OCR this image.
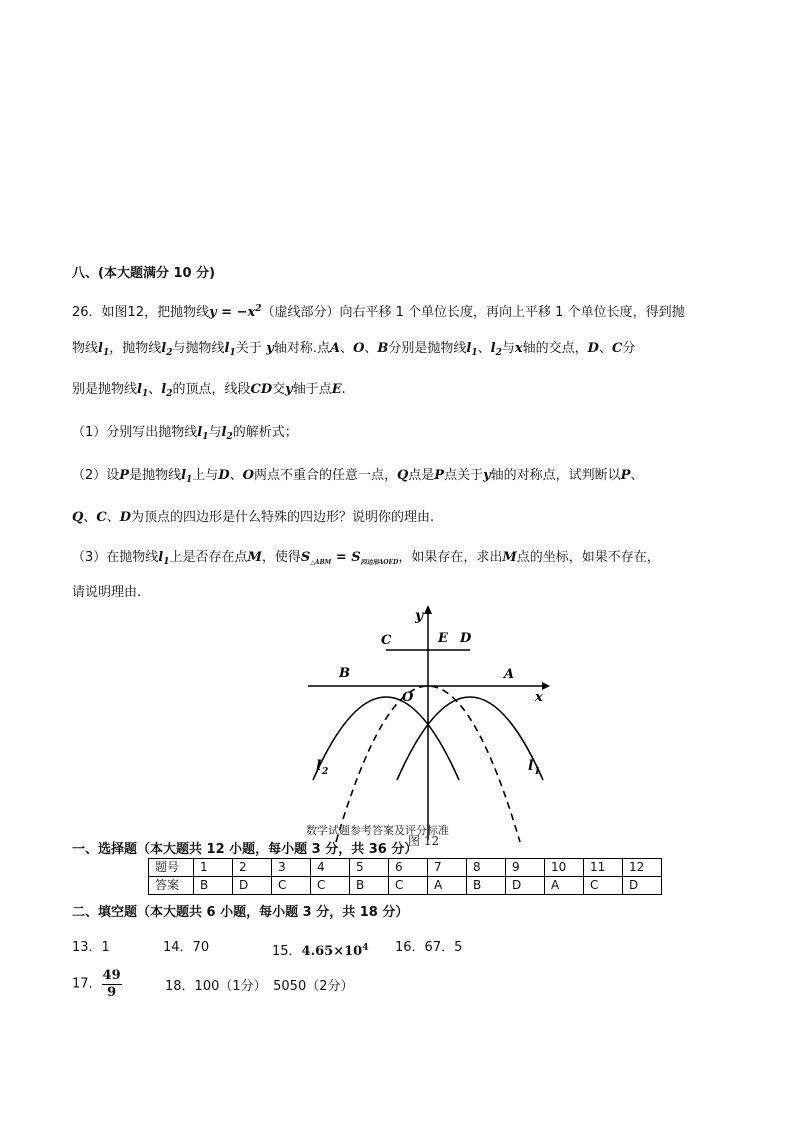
八、(本大题满分 10 分)
26．如图12，把抛物线$y = -x^2$（虚线部分）向右平移 1 个单位长度，再向上平移 1 个单位长度，得到抛
物线$l_1$，抛物线$l_2$与抛物线$l_1$关于 y轴对称.点A、O、B分别是抛物线$l_1$、$l_2$与x轴的交点，D、C分
别是抛物线$l_1$、$l_2$的顶点，线段CD交y轴于点E.
（1）分别写出抛物线$l_1$与$l_2$的解析式；
（2）设P是抛物线$l_1$上与D、O两点不重合的任意一点，Q点是P点关于y轴的对称点，试判断以P、
Q、C、D为顶点的四边形是什么特殊的四边形？说明你的理由.
（3）在抛物线$l_1$上是否存在点M，使得$S_{\triangle ABM} = S_{四边形AOED}$，如果存在，求出M点的坐标，如果不存在，
请说明理由.
y
x
C	E D
B	A
O
l 2	l 1
数学试题参考答案及评分标准
图 12
一、选择题（本大题共 12 小题，每小题 3 分，共 36 分）
题号	1	2	3	4	5	6	7	8	9	10	11	12
答案	B	D	C	C	B	C	A	B	D	A	C	D
二、填空题（本大题共 6 小题，每小题 3 分，共 18 分）
13．1	14．70	15．$4.65\times 10^4$ 16．67．5
17． $\frac{49}{9}$	18．100（1分）　5050（2分）
